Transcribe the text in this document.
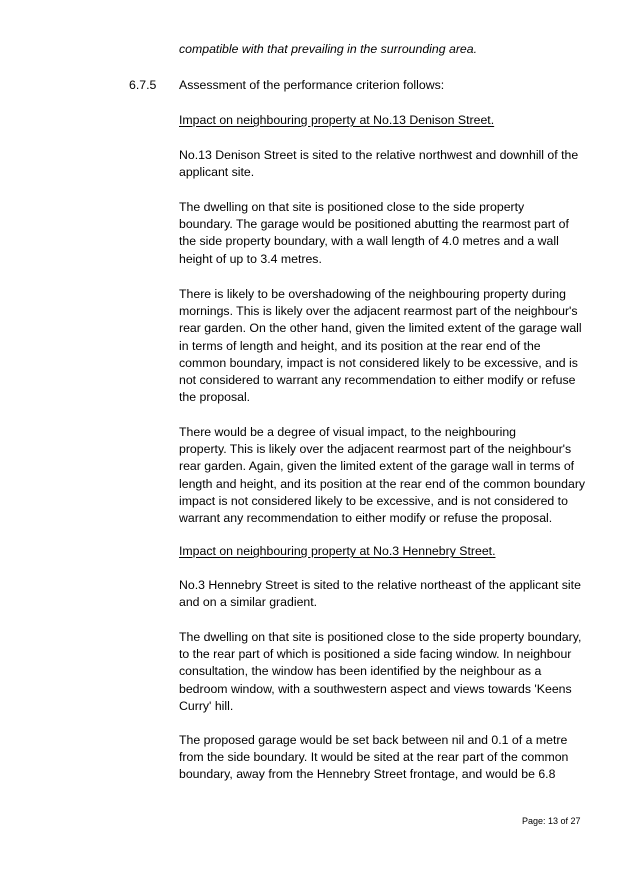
compatible with that prevailing in the surrounding area.
6.7.5 Assessment of the performance criterion follows:
Impact on neighbouring property at No.13 Denison Street.
No.13 Denison Street is sited to the relative northwest and downhill of the
applicant site.
The dwelling on that site is positioned close to the side property
boundary. The garage would be positioned abutting the rearmost part of
the side property boundary, with a wall length of 4.0 metres and a wall
height of up to 3.4 metres.
There is likely to be overshadowing of the neighbouring property during
mornings. This is likely over the adjacent rearmost part of the neighbour's
rear garden. On the other hand, given the limited extent of the garage wall
in terms of length and height, and its position at the rear end of the
common boundary, impact is not considered likely to be excessive, and is
not considered to warrant any recommendation to either modify or refuse
the proposal.
There would be a degree of visual impact, to the neighbouring
property. This is likely over the adjacent rearmost part of the neighbour's
rear garden. Again, given the limited extent of the garage wall in terms of
length and height, and its position at the rear end of the common boundary
impact is not considered likely to be excessive, and is not considered to
warrant any recommendation to either modify or refuse the proposal.
Impact on neighbouring property at No.3 Hennebry Street.
No.3 Hennebry Street is sited to the relative northeast of the applicant site
and on a similar gradient.
The dwelling on that site is positioned close to the side property boundary,
to the rear part of which is positioned a side facing window. In neighbour
consultation, the window has been identified by the neighbour as a
bedroom window, with a southwestern aspect and views towards 'Keens
Curry' hill.
The proposed garage would be set back between nil and 0.1 of a metre
from the side boundary. It would be sited at the rear part of the common
boundary, away from the Hennebry Street frontage, and would be 6.8
Page: 13 of 27
